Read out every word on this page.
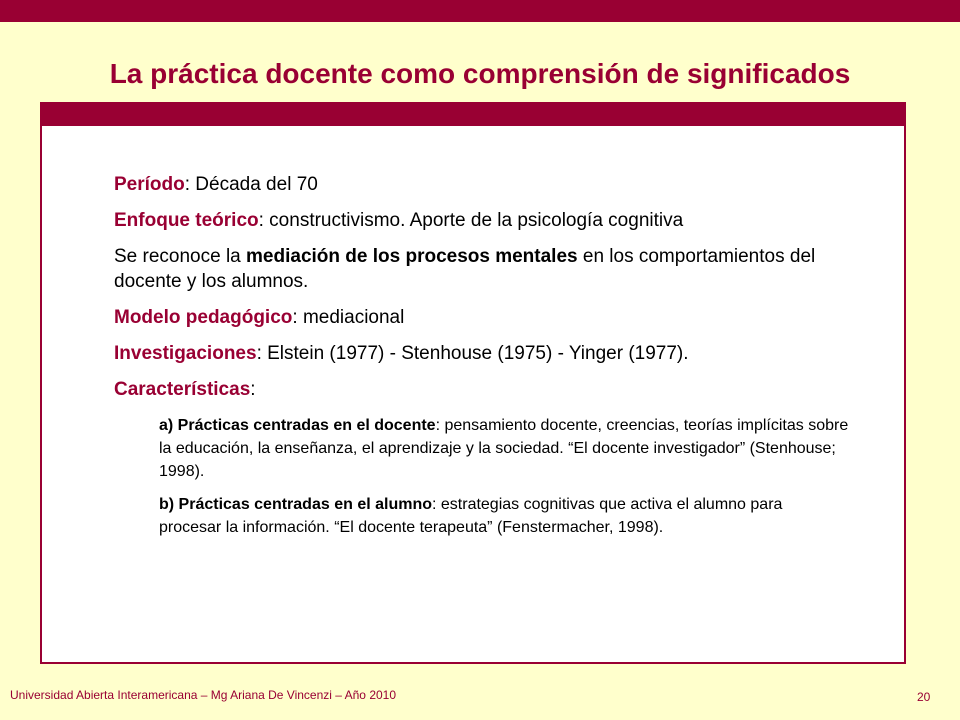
La práctica docente como comprensión de significados

Período: Década del 70

Enfoque teórico: constructivismo. Aporte de la psicología cognitiva

Se reconoce la mediación de los procesos mentales en los comportamientos del docente y los alumnos.

Modelo pedagógico: mediacional

Investigaciones: Elstein (1977) - Stenhouse (1975) - Yinger (1977).

Características:

a) Prácticas centradas en el docente: pensamiento docente, creencias, teorías implícitas sobre la educación, la enseñanza, el aprendizaje y la sociedad. “El docente investigador” (Stenhouse; 1998).

b) Prácticas centradas en el alumno: estrategias cognitivas que activa el alumno para procesar la información. “El docente terapeuta” (Fenstermacher, 1998).

Universidad Abierta Interamericana – Mg Ariana De Vincenzi – Año 2010	20
